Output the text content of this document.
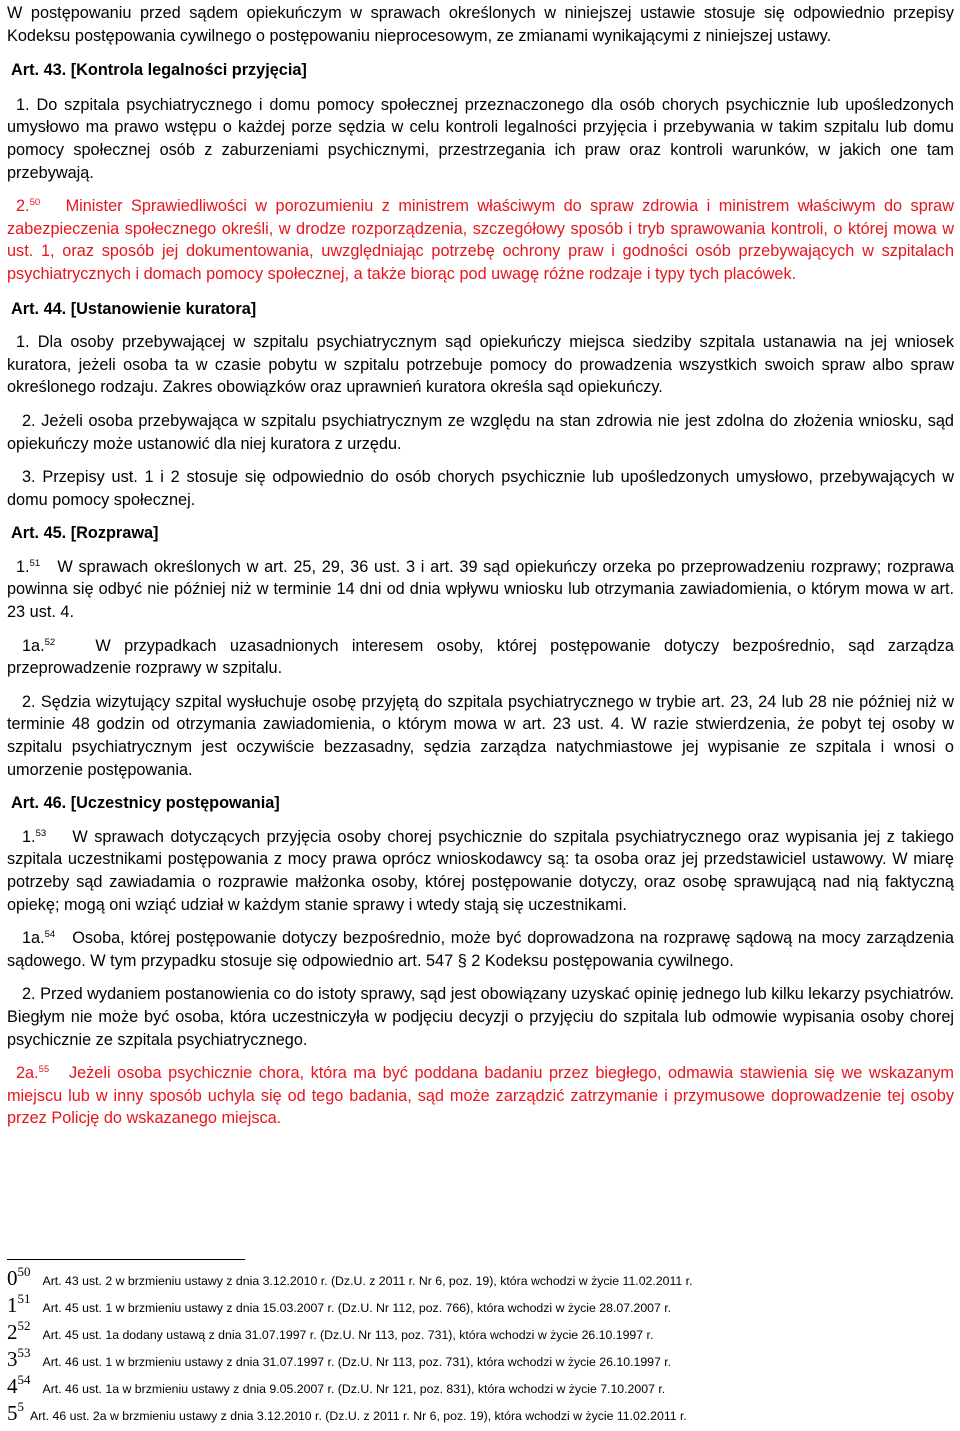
W postępowaniu przed sądem opiekuńczym w sprawach określonych w niniejszej ustawie stosuje się odpowiednio przepisy Kodeksu postępowania cywilnego o postępowaniu nieprocesowym, ze zmianami wynikającymi z niniejszej ustawy.

Art. 43. [Kontrola legalności przyjęcia]

1. Do szpitala psychiatrycznego i domu pomocy społecznej przeznaczonego dla osób chorych psychicznie lub upośledzonych umysłowo ma prawo wstępu o każdej porze sędzia w celu kontroli legalności przyjęcia i przebywania w takim szpitalu lub domu pomocy społecznej osób z zaburzeniami psychicznymi, przestrzegania ich praw oraz kontroli warunków, w jakich one tam przebywają.

2.50 Minister Sprawiedliwości w porozumieniu z ministrem właściwym do spraw zdrowia i ministrem właściwym do spraw zabezpieczenia społecznego określi, w drodze rozporządzenia, szczegółowy sposób i tryb sprawowania kontroli, o której mowa w ust. 1, oraz sposób jej dokumentowania, uwzględniając potrzebę ochrony praw i godności osób przebywających w szpitalach psychiatrycznych i domach pomocy społecznej, a także biorąc pod uwagę różne rodzaje i typy tych placówek.

Art. 44. [Ustanowienie kuratora]

1. Dla osoby przebywającej w szpitalu psychiatrycznym sąd opiekuńczy miejsca siedziby szpitala ustanawia na jej wniosek kuratora, jeżeli osoba ta w czasie pobytu w szpitalu potrzebuje pomocy do prowadzenia wszystkich swoich spraw albo spraw określonego rodzaju. Zakres obowiązków oraz uprawnień kuratora określa sąd opiekuńczy.

2. Jeżeli osoba przebywająca w szpitalu psychiatrycznym ze względu na stan zdrowia nie jest zdolna do złożenia wniosku, sąd opiekuńczy może ustanowić dla niej kuratora z urzędu.

3. Przepisy ust. 1 i 2 stosuje się odpowiednio do osób chorych psychicznie lub upośledzonych umysłowo, przebywających w domu pomocy społecznej.

Art. 45. [Rozprawa]

1.51 W sprawach określonych w art. 25, 29, 36 ust. 3 i art. 39 sąd opiekuńczy orzeka po przeprowadzeniu rozprawy; rozprawa powinna się odbyć nie później niż w terminie 14 dni od dnia wpływu wniosku lub otrzymania zawiadomienia, o którym mowa w art. 23 ust. 4.

1a.$^{52}$ W przypadkach uzasadnionych interesem osoby, której postępowanie dotyczy bezpośrednio, sąd zarządza przeprowadzenie rozprawy w szpitalu.

2. Sędzia wizytujący szpital wysłuchuje osobę przyjętą do szpitala psychiatrycznego w trybie art. 23, 24 lub 28 nie później niż w terminie 48 godzin od otrzymania zawiadomienia, o którym mowa w art. 23 ust. 4. W razie stwierdzenia, że pobyt tej osoby w szpitalu psychiatrycznym jest oczywiście bezzasadny, sędzia zarządza natychmiastowe jej wypisanie ze szpitala i wnosi o umorzenie postępowania.

Art. 46. [Uczestnicy postępowania]

1.53 W sprawach dotyczących przyjęcia osoby chorej psychicznie do szpitala psychiatrycznego oraz wypisania jej z takiego szpitala uczestnikami postępowania z mocy prawa oprócz wnioskodawcy są: ta osoba oraz jej przedstawiciel ustawowy. W miarę potrzeby sąd zawiadamia o rozprawie małżonka osoby, której postępowanie dotyczy, oraz osobę sprawującą nad nią faktyczną opiekę; mogą oni wziąć udział w każdym stanie sprawy i wtedy stają się uczestnikami.

1a.$^{54}$ Osoba, której postępowanie dotyczy bezpośrednio, może być doprowadzona na rozprawę sądową na mocy zarządzenia sądowego. W tym przypadku stosuje się odpowiednio art. 547 § 2 Kodeksu postępowania cywilnego.

2. Przed wydaniem postanowienia co do istoty sprawy, sąd jest obowiązany uzyskać opinię jednego lub kilku lekarzy psychiatrów. Biegłym nie może być osoba, która uczestniczyła w podjęciu decyzji o przyjęciu do szpitala lub odmowie wypisania osoby chorej psychicznie ze szpitala psychiatrycznego.

2a.$^{55}$ Jeżeli osoba psychicznie chora, która ma być poddana badaniu przez biegłego, odmawia stawienia się we wskazanym miejscu lub w inny sposób uchyla się od tego badania, sąd może zarządzić zatrzymanie i przymusowe doprowadzenie tej osoby przez Policję do wskazanego miejsca.

$0^{50}Art$. 43 ust. 2 w brzmieniu ustawy z dnia 3.12.2010 r. (Dz.U. z 2011 r. Nr 6, poz. 19), która wchodzi w życie 11.02.2011 r.
$1^{51}Art$. 45 ust. 1 w brzmieniu ustawy z dnia 15.03.2007 r. (Dz.U. Nr 112, poz. 766), która wchodzi w życie 28.07.2007 r.
$2^{52}Art$. 45 ust. 1a dodany ustawą z dnia 31.07.1997 r. (Dz.U. Nr 113, poz. 731), która wchodzi w życie 26.10.1997 r.
$3^{53}Art$. 46 ust. 1 w brzmieniu ustawy z dnia 31.07.1997 r. (Dz.U. Nr 113, poz. 731), która wchodzi w życie 26.10.1997 r.
$4^{54}Art$. 46 ust. 1a w brzmieniu ustawy z dnia 9.05.2007 r. (Dz.U. Nr 121, poz. 831), która wchodzi w życie 7.10.2007 r.
$5^5Art$. 46 ust. 2a w brzmieniu ustawy z dnia 3.12.2010 r. (Dz.U. z 2011 r. Nr 6, poz. 19), która wchodzi w życie 11.02.2011 r.
